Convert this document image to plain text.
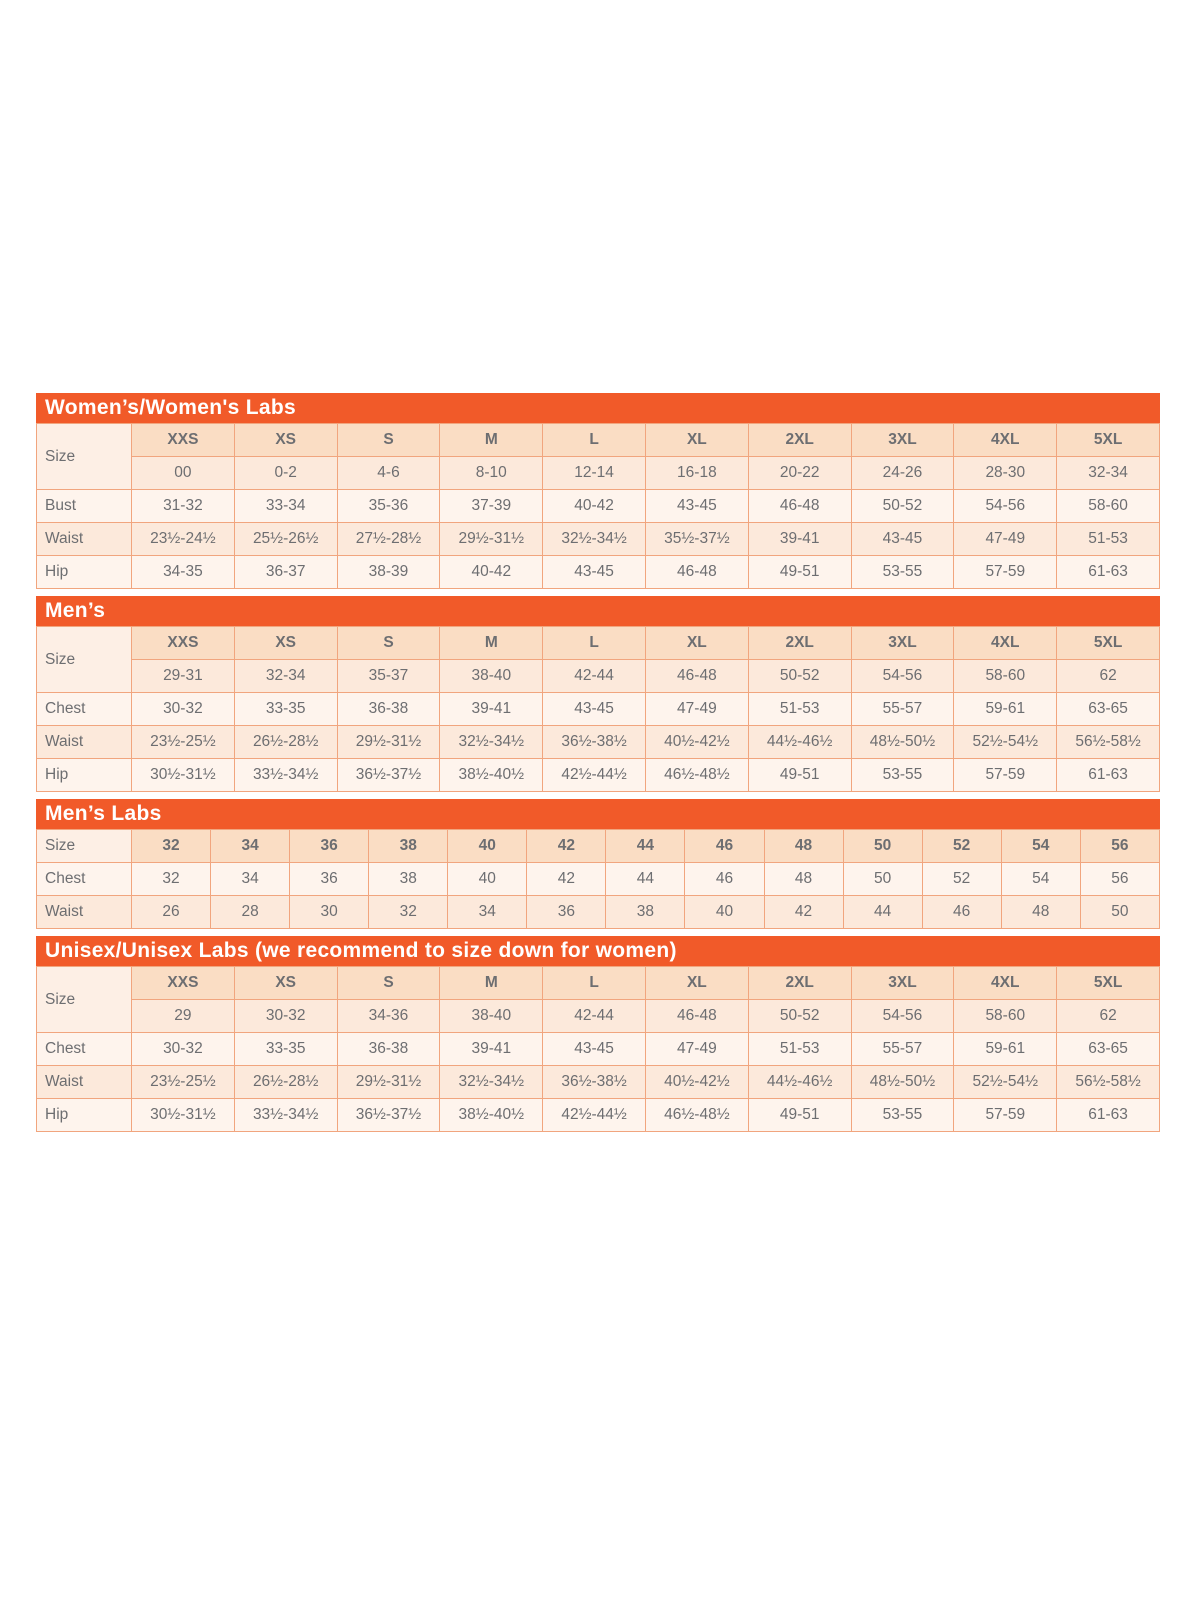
Women’s/Women's Labs
Size	XXS	XS	S	M	L	XL	2XL	3XL	4XL	5XL
	00	0-2	4-6	8-10	12-14	16-18	20-22	24-26	28-30	32-34
Bust	31-32	33-34	35-36	37-39	40-42	43-45	46-48	50-52	54-56	58-60
Waist	23½-24½	25½-26½	27½-28½	29½-31½	32½-34½	35½-37½	39-41	43-45	47-49	51-53
Hip	34-35	36-37	38-39	40-42	43-45	46-48	49-51	53-55	57-59	61-63
Men’s
Size	XXS	XS	S	M	L	XL	2XL	3XL	4XL	5XL
	29-31	32-34	35-37	38-40	42-44	46-48	50-52	54-56	58-60	62
Chest	30-32	33-35	36-38	39-41	43-45	47-49	51-53	55-57	59-61	63-65
Waist	23½-25½	26½-28½	29½-31½	32½-34½	36½-38½	40½-42½	44½-46½	48½-50½	52½-54½	56½-58½
Hip	30½-31½	33½-34½	36½-37½	38½-40½	42½-44½	46½-48½	49-51	53-55	57-59	61-63
Men’s Labs
Size	32	34	36	38	40	42	44	46	48	50	52	54	56
Chest	32	34	36	38	40	42	44	46	48	50	52	54	56
Waist	26	28	30	32	34	36	38	40	42	44	46	48	50
Unisex/Unisex Labs (we recommend to size down for women)
Size	XXS	XS	S	M	L	XL	2XL	3XL	4XL	5XL
	29	30-32	34-36	38-40	42-44	46-48	50-52	54-56	58-60	62
Chest	30-32	33-35	36-38	39-41	43-45	47-49	51-53	55-57	59-61	63-65
Waist	23½-25½	26½-28½	29½-31½	32½-34½	36½-38½	40½-42½	44½-46½	48½-50½	52½-54½	56½-58½
Hip	30½-31½	33½-34½	36½-37½	38½-40½	42½-44½	46½-48½	49-51	53-55	57-59	61-63
